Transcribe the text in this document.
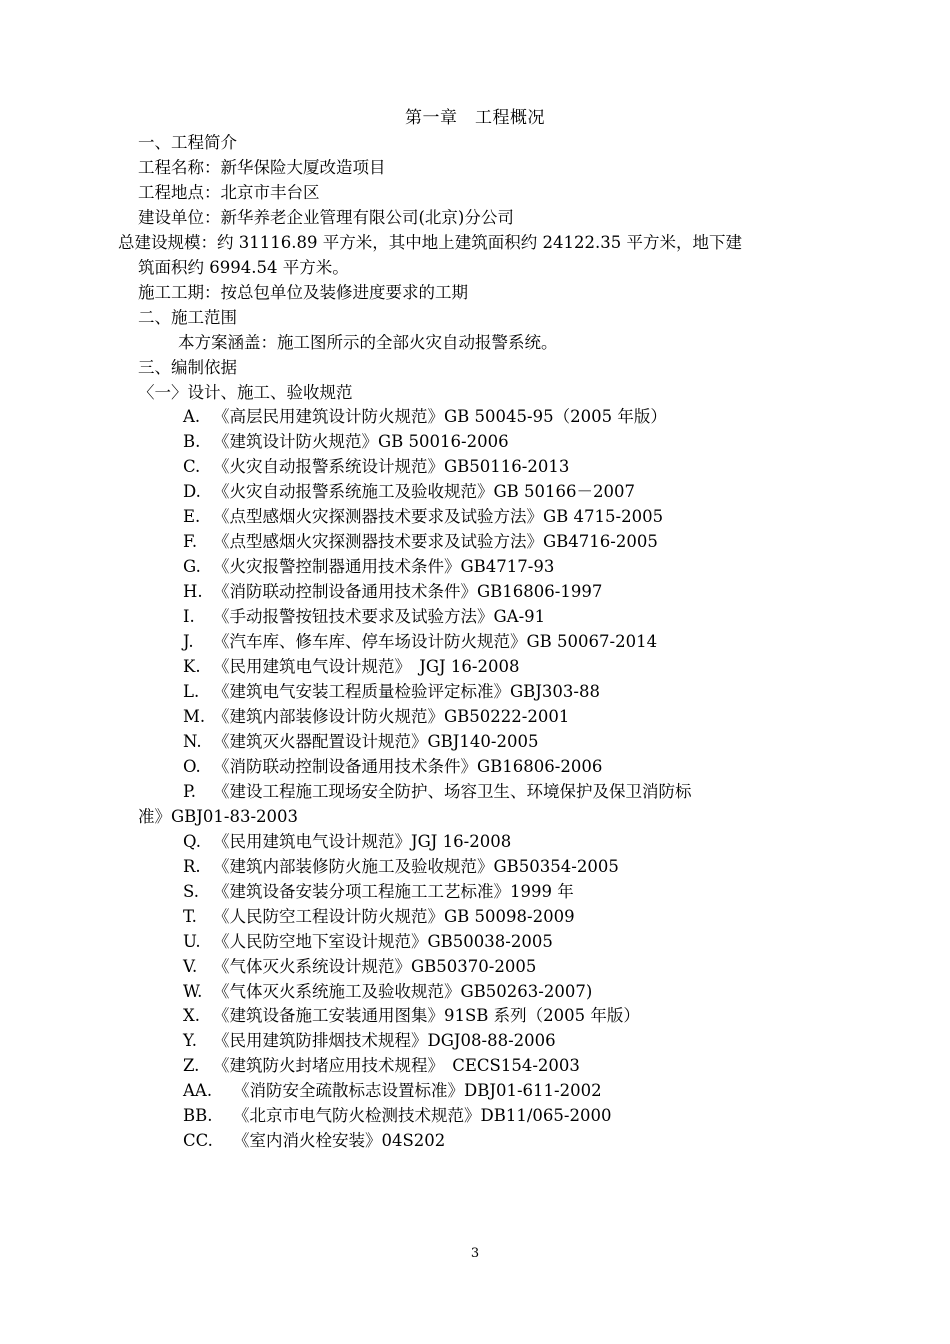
第一章　工程概况
一、工程简介
工程名称：新华保险大厦改造项目
工程地点：北京市丰台区
建设单位：新华养老企业管理有限公司(北京)分公司
总建设规模：约 31116.89 平方米，其中地上建筑面积约 24122.35 平方米，地下建
筑面积约 6994.54 平方米。
施工工期：按总包单位及装修进度要求的工期
二、施工范围
本方案涵盖：施工图所示的全部火灾自动报警系统。
三、编制依据
〈一〉设计、施工、验收规范
A. 《高层民用建筑设计防火规范》GB 50045-95（2005 年版）
B. 《建筑设计防火规范》GB 50016-2006
C. 《火灾自动报警系统设计规范》GB50116-2013
D. 《火灾自动报警系统施工及验收规范》GB 50166－2007
E. 《点型感烟火灾探测器技术要求及试验方法》GB 4715-2005
F. 《点型感烟火灾探测器技术要求及试验方法》GB4716-2005
G. 《火灾报警控制器通用技术条件》GB4717-93
H. 《消防联动控制设备通用技术条件》GB16806-1997
I. 《手动报警按钮技术要求及试验方法》GA-91
J. 《汽车库、修车库、停车场设计防火规范》GB 50067-2014
K. 《民用建筑电气设计规范》　JGJ 16-2008
L. 《建筑电气安装工程质量检验评定标准》GBJ303-88
M. 《建筑内部装修设计防火规范》GB50222-2001
N. 《建筑灭火器配置设计规范》GBJ140-2005
O. 《消防联动控制设备通用技术条件》GB16806-2006
P. 《建设工程施工现场安全防护、场容卫生、环境保护及保卫消防标
准》GBJ01-83-2003
Q. 《民用建筑电气设计规范》JGJ 16-2008
R. 《建筑内部装修防火施工及验收规范》GB50354-2005
S. 《建筑设备安装分项工程施工工艺标准》1999 年
T. 《人民防空工程设计防火规范》GB 50098-2009
U. 《人民防空地下室设计规范》GB50038-2005
V. 《气体灭火系统设计规范》GB50370-2005
W. 《气体灭火系统施工及验收规范》GB50263-2007)
X. 《建筑设备施工安装通用图集》91SB 系列（2005 年版）
Y. 《民用建筑防排烟技术规程》DGJ08-88-2006
Z. 《建筑防火封堵应用技术规程》　CECS154-2003
AA. 《消防安全疏散标志设置标准》DBJ01-611-2002
BB. 《北京市电气防火检测技术规范》DB11/065-2000
CC. 《室内消火栓安装》04S202
3
